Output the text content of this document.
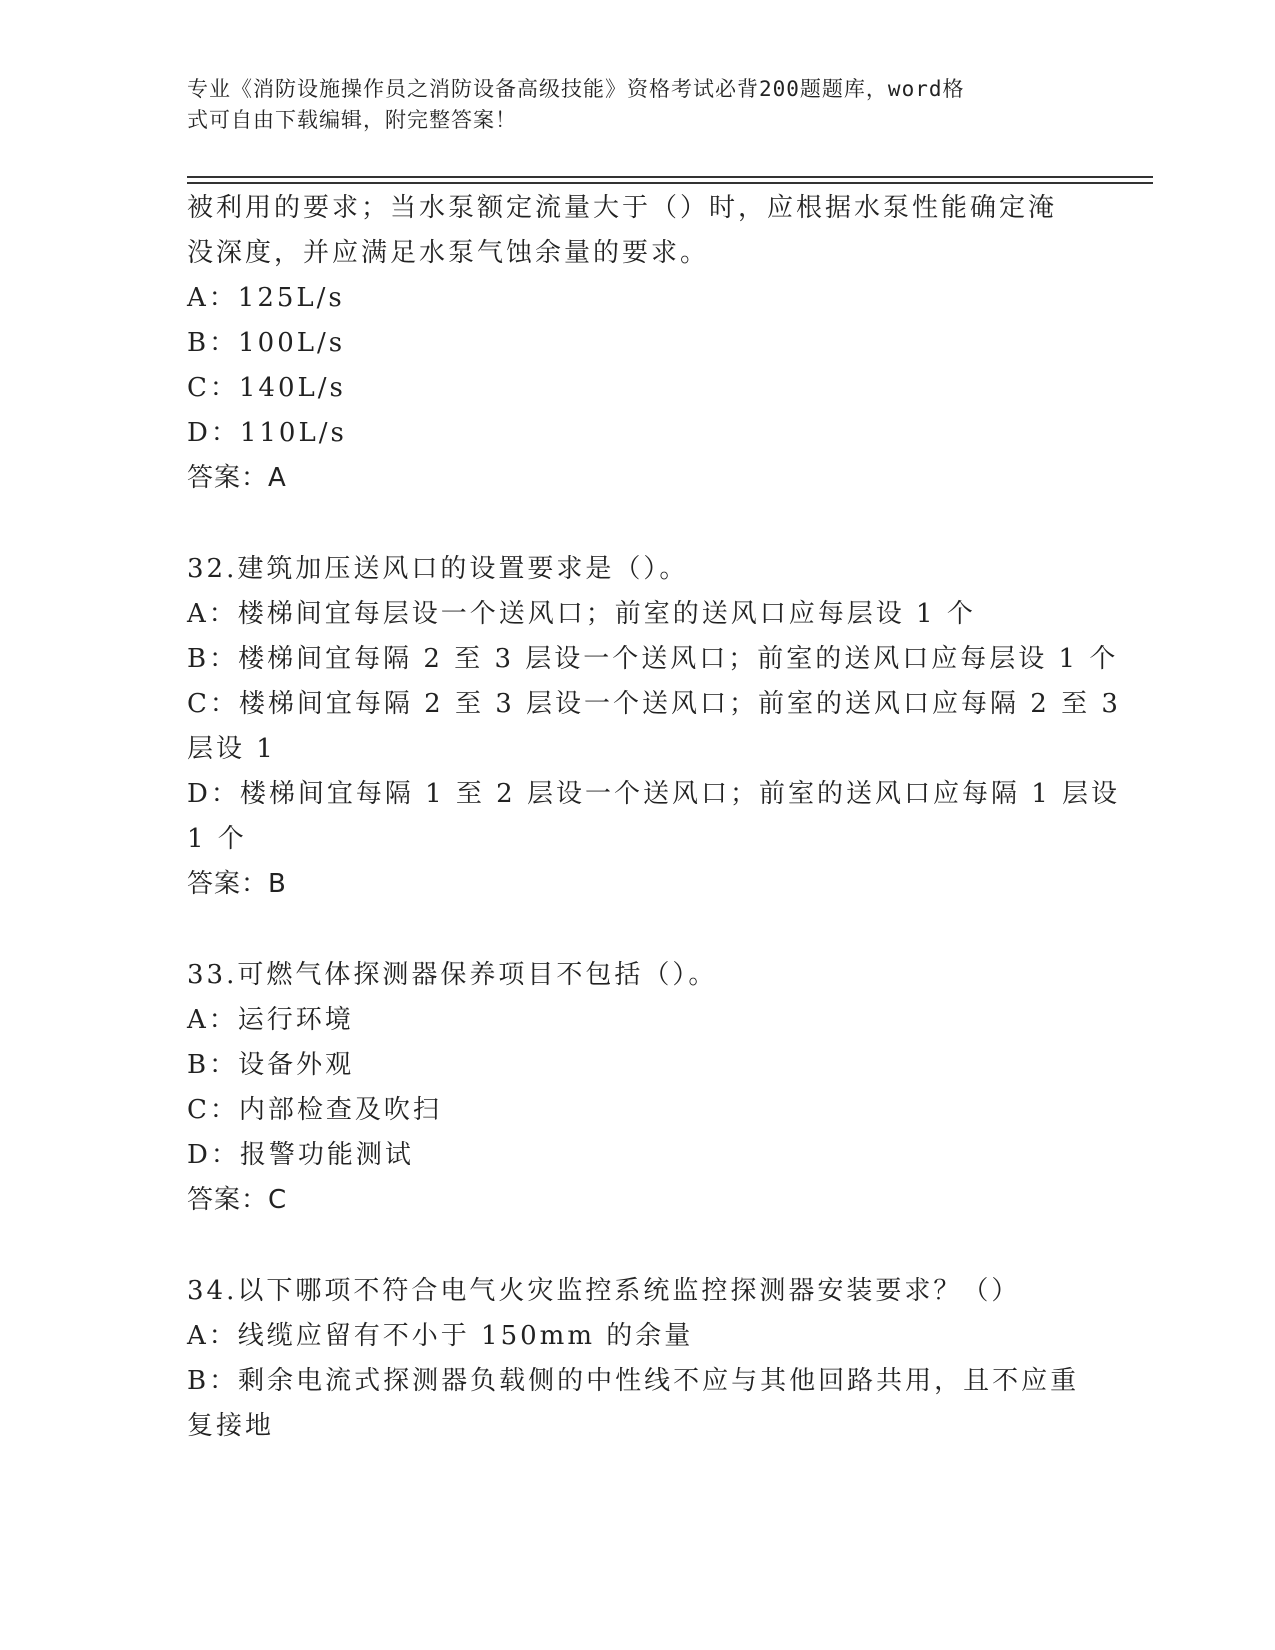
专业《消防设施操作员之消防设备高级技能》资格考试必背200题题库，word格
式可自由下载编辑，附完整答案！
被利用的要求；当水泵额定流量大于（）时，应根据水泵性能确定淹
没深度，并应满足水泵气蚀余量的要求。
A：125L/s
B：100L/s
C：140L/s
D：110L/s
答案：A
32.建筑加压送风口的设置要求是（）。
A：楼梯间宜每层设一个送风口；前室的送风口应每层设 1 个
B：楼梯间宜每隔 2 至 3 层设一个送风口；前室的送风口应每层设 1 个
C：楼梯间宜每隔 2 至 3 层设一个送风口；前室的送风口应每隔 2 至 3
层设 1
D：楼梯间宜每隔 1 至 2 层设一个送风口；前室的送风口应每隔 1 层设
1 个
答案：B
33.可燃气体探测器保养项目不包括（）。
A：运行环境
B：设备外观
C：内部检查及吹扫
D：报警功能测试
答案：C
34.以下哪项不符合电气火灾监控系统监控探测器安装要求？（）
A：线缆应留有不小于 150mm 的余量
B：剩余电流式探测器负载侧的中性线不应与其他回路共用，且不应重
复接地
